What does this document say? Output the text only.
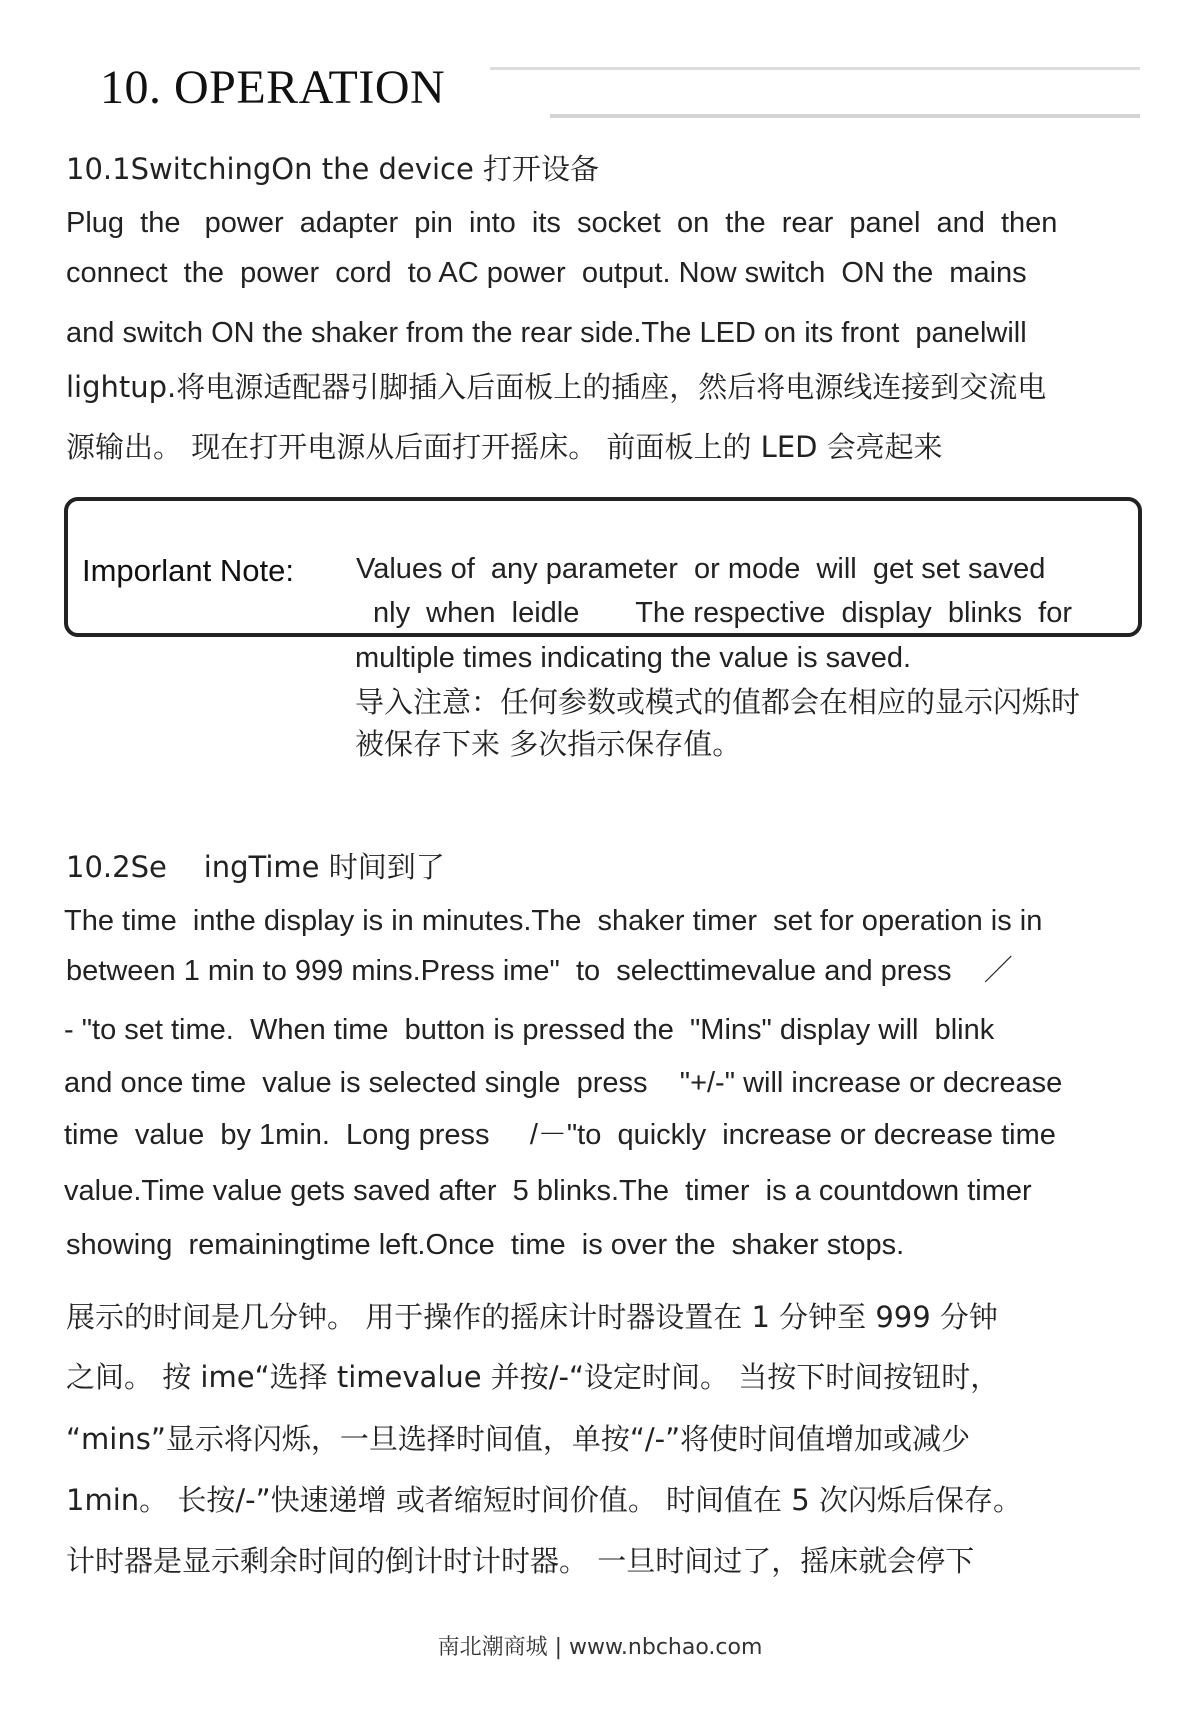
10. OPERATION
10.1SwitchingOn the device 打开设备
Plug  the   power  adapter  pin  into  its  socket  on  the  rear  panel  and  then
connect  the  power  cord  to AC power  output. Now switch  ON the  mains
and switch ON the shaker from the rear side.The LED on its front  panelwill
lightup.将电源适配器引脚插入后面板上的插座，然后将电源线连接到交流电
源输出。 现在打开电源从后面打开摇床。 前面板上的 LED 会亮起来
Imporlant Note: Values of  any parameter  or mode  will  get set saved
nly  when  leidle       The respective  display  blinks  for
multiple times indicating the value is saved.
导入注意：任何参数或模式的值都会在相应的显示闪烁时
被保存下来 多次指示保存值。
10.2Se    ingTime 时间到了
The time  inthe display is in minutes.The  shaker timer  set for operation is in
between 1 min to 999 mins.Press ime"  to  selecttimevalue and press    ／
- "to set time.  When time  button is pressed the  "Mins" display will  blink
and once time  value is selected single  press    "+/-" will increase or decrease
time  value  by 1min.  Long press     /－"to  quickly  increase or decrease time
value.Time value gets saved after  5 blinks.The  timer  is a countdown timer
showing  remainingtime left.Once  time  is over the  shaker stops.
展示的时间是几分钟。 用于操作的摇床计时器设置在 1 分钟至 999 分钟
之间。 按 ime“选择 timevalue 并按/-“设定时间。 当按下时间按钮时，
“mins”显示将闪烁，一旦选择时间值，单按“/-”将使时间值增加或减少
1min。 长按/-”快速递增 或者缩短时间价值。 时间值在 5 次闪烁后保存。
计时器是显示剩余时间的倒计时计时器。 一旦时间过了，摇床就会停下
南北潮商城 | www.nbchao.com
